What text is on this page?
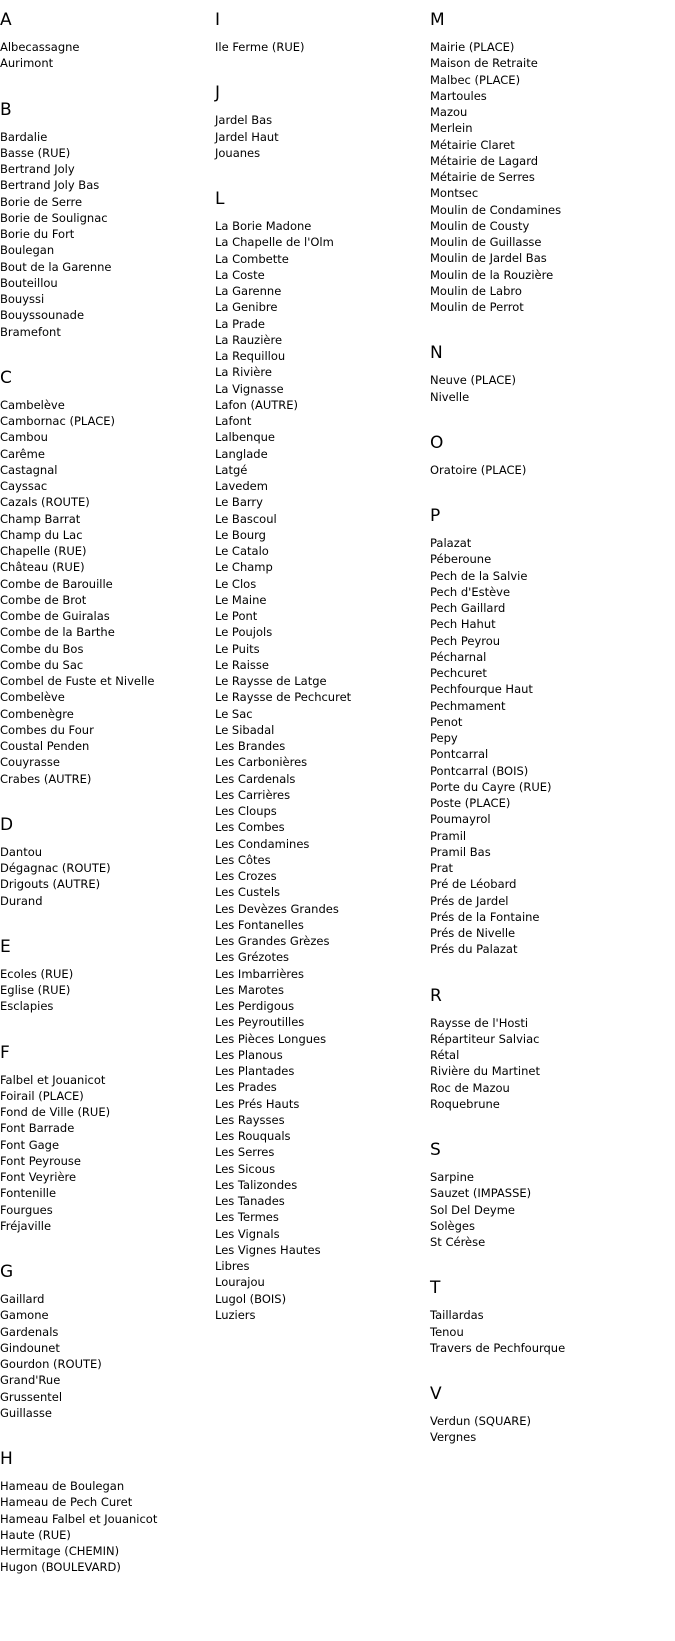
A
Albecassagne
Aurimont
B
Bardalie
Basse (RUE)
Bertrand Joly
Bertrand Joly Bas
Borie de Serre
Borie de Soulignac
Borie du Fort
Boulegan
Bout de la Garenne
Bouteillou
Bouyssi
Bouyssounade
Bramefont
C
Cambelève
Cambornac (PLACE)
Cambou
Carême
Castagnal
Cayssac
Cazals (ROUTE)
Champ Barrat
Champ du Lac
Chapelle (RUE)
Château (RUE)
Combe de Barouille
Combe de Brot
Combe de Guiralas
Combe de la Barthe
Combe du Bos
Combe du Sac
Combel de Fuste et Nivelle
Combelève
Combenègre
Combes du Four
Coustal Penden
Couyrasse
Crabes (AUTRE)
D
Dantou
Dégagnac (ROUTE)
Drigouts (AUTRE)
Durand
E
Ecoles (RUE)
Eglise (RUE)
Esclapies
F
Falbel et Jouanicot
Foirail (PLACE)
Fond de Ville (RUE)
Font Barrade
Font Gage
Font Peyrouse
Font Veyrière
Fontenille
Fourgues
Fréjaville
G
Gaillard
Gamone
Gardenals
Gindounet
Gourdon (ROUTE)
Grand'Rue
Grussentel
Guillasse
H
Hameau de Boulegan
Hameau de Pech Curet
Hameau Falbel et Jouanicot
Haute (RUE)
Hermitage (CHEMIN)
Hugon (BOULEVARD)
I
Ile Ferme (RUE)
J
Jardel Bas
Jardel Haut
Jouanes
L
La Borie Madone
La Chapelle de l'Olm
La Combette
La Coste
La Garenne
La Genibre
La Prade
La Rauzière
La Requillou
La Rivière
La Vignasse
Lafon (AUTRE)
Lafont
Lalbenque
Langlade
Latgé
Lavedem
Le Barry
Le Bascoul
Le Bourg
Le Catalo
Le Champ
Le Clos
Le Maine
Le Pont
Le Poujols
Le Puits
Le Raisse
Le Raysse de Latge
Le Raysse de Pechcuret
Le Sac
Le Sibadal
Les Brandes
Les Carbonières
Les Cardenals
Les Carrières
Les Cloups
Les Combes
Les Condamines
Les Côtes
Les Crozes
Les Custels
Les Devèzes Grandes
Les Fontanelles
Les Grandes Grèzes
Les Grézotes
Les Imbarrières
Les Marotes
Les Perdigous
Les Peyroutilles
Les Pièces Longues
Les Planous
Les Plantades
Les Prades
Les Prés Hauts
Les Raysses
Les Rouquals
Les Serres
Les Sicous
Les Talizondes
Les Tanades
Les Termes
Les Vignals
Les Vignes Hautes
Libres
Lourajou
Lugol (BOIS)
Luziers
M
Mairie (PLACE)
Maison de Retraite
Malbec (PLACE)
Martoules
Mazou
Merlein
Métairie Claret
Métairie de Lagard
Métairie de Serres
Montsec
Moulin de Condamines
Moulin de Cousty
Moulin de Guillasse
Moulin de Jardel Bas
Moulin de la Rouzière
Moulin de Labro
Moulin de Perrot
N
Neuve (PLACE)
Nivelle
O
Oratoire (PLACE)
P
Palazat
Péberoune
Pech de la Salvie
Pech d'Estève
Pech Gaillard
Pech Hahut
Pech Peyrou
Pécharnal
Pechcuret
Pechfourque Haut
Pechmament
Penot
Pepy
Pontcarral
Pontcarral (BOIS)
Porte du Cayre (RUE)
Poste (PLACE)
Poumayrol
Pramil
Pramil Bas
Prat
Pré de Léobard
Prés de Jardel
Prés de la Fontaine
Prés de Nivelle
Prés du Palazat
R
Raysse de l'Hosti
Répartiteur Salviac
Rétal
Rivière du Martinet
Roc de Mazou
Roquebrune
S
Sarpine
Sauzet (IMPASSE)
Sol Del Deyme
Solèges
St Cérèse
T
Taillardas
Tenou
Travers de Pechfourque
V
Verdun (SQUARE)
Vergnes
